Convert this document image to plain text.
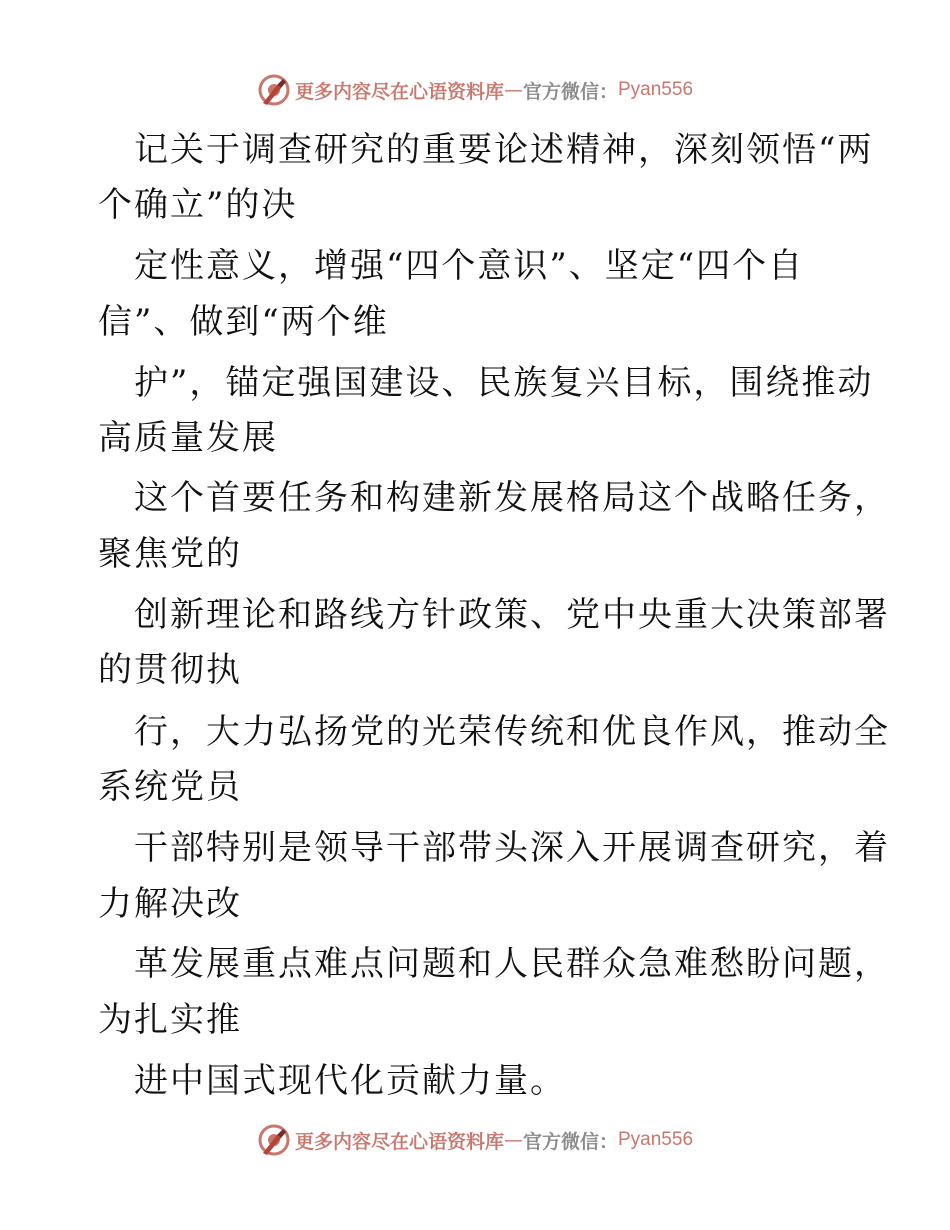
更多内容尽在心语资料库 — 官方微信： Pyan556
记关于调查研究的重要论述精神，深刻领悟“两
个确立”的决
定性意义，增强“四个意识”、坚定“四个自
信”、做到“两个维
护”，锚定强国建设、民族复兴目标，围绕推动
高质量发展
这个首要任务和构建新发展格局这个战略任务，
聚焦党的
创新理论和路线方针政策、党中央重大决策部署
的贯彻执
行，大力弘扬党的光荣传统和优良作风，推动全
系统党员
干部特别是领导干部带头深入开展调查研究，着
力解决改
革发展重点难点问题和人民群众急难愁盼问题，
为扎实推
进中国式现代化贡献力量。
更多内容尽在心语资料库 — 官方微信： Pyan556
